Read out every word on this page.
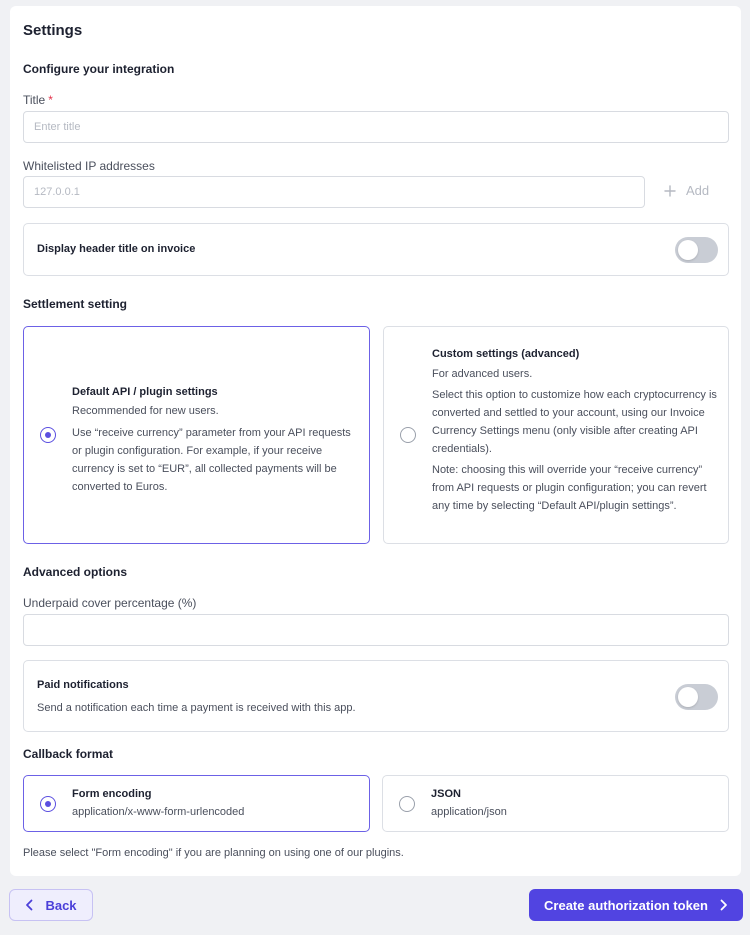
Settings
Configure your integration
Title *
Enter title
Whitelisted IP addresses
127.0.0.1	Add
Display header title on invoice
Settlement setting
Default API / plugin settings
Recommended for new users.
Use “receive currency” parameter from your API requests or plugin configuration. For example, if your receive currency is set to “EUR”, all collected payments will be converted to Euros.
Custom settings (advanced)
For advanced users.
Select this option to customize how each cryptocurrency is converted and settled to your account, using our Invoice Currency Settings menu (only visible after creating API credentials).
Note: choosing this will override your “receive currency” from API requests or plugin configuration; you can revert any time by selecting “Default API/plugin settings”.
Advanced options
Underpaid cover percentage (%)
Paid notifications
Send a notification each time a payment is received with this app.
Callback format
Form encoding
application/x-www-form-urlencoded
JSON
application/json
Please select "Form encoding" if you are planning on using one of our plugins.
Back	Create authorization token
